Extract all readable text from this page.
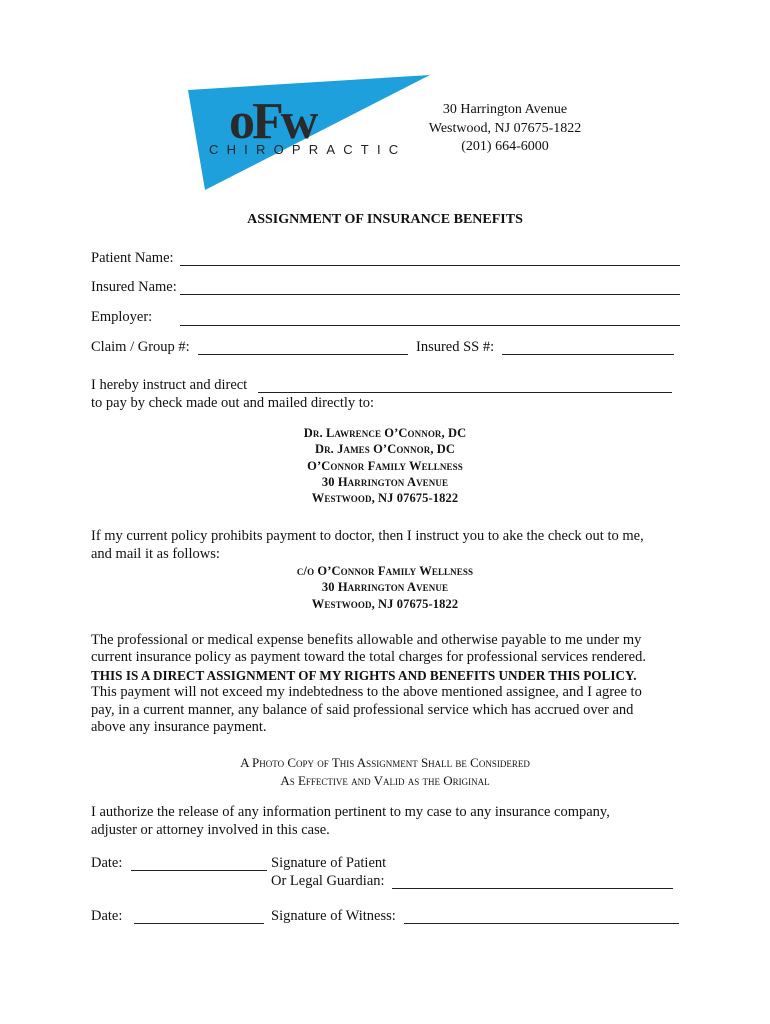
oFw
CHIROPRACTIC
30 Harrington Avenue
Westwood, NJ 07675-1822
(201) 664-6000
ASSIGNMENT OF INSURANCE BENEFITS
Patient Name:
Insured Name:
Employer:
Claim / Group #:	Insured SS #:
I hereby instruct and direct
to pay by check made out and mailed directly to:
Dr. Lawrence O’Connor, DC
Dr. James O’Connor, DC
O’Connor Family Wellness
30 Harrington Avenue
Westwood, NJ 07675-1822
If my current policy prohibits payment to doctor, then I instruct you to ake the check out to me,
and mail it as follows:
c/o O’Connor Family Wellness
30 Harrington Avenue
Westwood, NJ 07675-1822
The professional or medical expense benefits allowable and otherwise payable to me under my
current insurance policy as payment toward the total charges for professional services rendered.
THIS IS A DIRECT ASSIGNMENT OF MY RIGHTS AND BENEFITS UNDER THIS POLICY.
This payment will not exceed my indebtedness to the above mentioned assignee, and I agree to
pay, in a current manner, any balance of said professional service which has accrued over and
above any insurance payment.
A Photo Copy of This Assignment Shall be Considered
As Effective and Valid as the Original
I authorize the release of any information pertinent to my case to any insurance company,
adjuster or attorney involved in this case.
Date:	Signature of Patient
Or Legal Guardian:
Date:	Signature of Witness:
